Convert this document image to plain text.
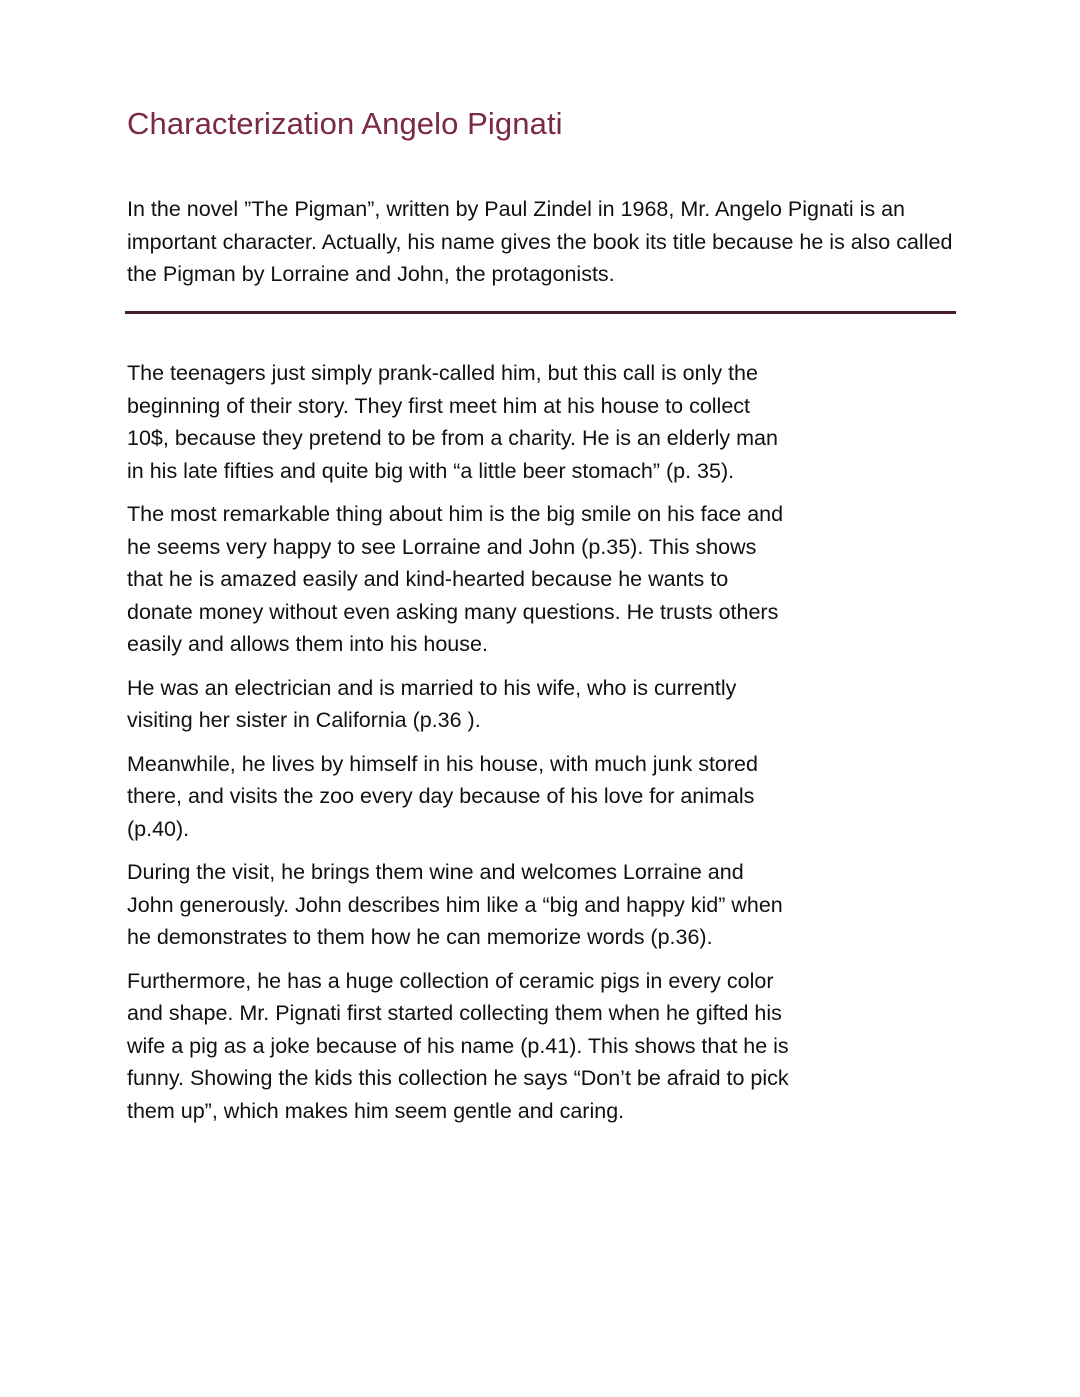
Characterization Angelo Pignati

In the novel ”The Pigman”, written by Paul Zindel in 1968, Mr. Angelo Pignati is an important character. Actually, his name gives the book its title because he is also called the Pigman by Lorraine and John, the protagonists.

The teenagers just simply prank-called him, but this call is only the beginning of their story. They first meet him at his house to collect 10$, because they pretend to be from a charity. He is an elderly man in his late fifties and quite big with “a little beer stomach” (p. 35).

The most remarkable thing about him is the big smile on his face and he seems very happy to see Lorraine and John (p.35). This shows that he is amazed easily and kind-hearted because he wants to donate money without even asking many questions. He trusts others easily and allows them into his house.

He was an electrician and is married to his wife, who is currently visiting her sister in California (p.36 ).

Meanwhile, he lives by himself in his house, with much junk stored there, and visits the zoo every day because of his love for animals (p.40).

During the visit, he brings them wine and welcomes Lorraine and John generously. John describes him like a “big and happy kid” when he demonstrates to them how he can memorize words (p.36).

Furthermore, he has a huge collection of ceramic pigs in every color and shape. Mr. Pignati first started collecting them when he gifted his wife a pig as a joke because of his name (p.41). This shows that he is funny. Showing the kids this collection he says “Don’t be afraid to pick them up”, which makes him seem gentle and caring.
